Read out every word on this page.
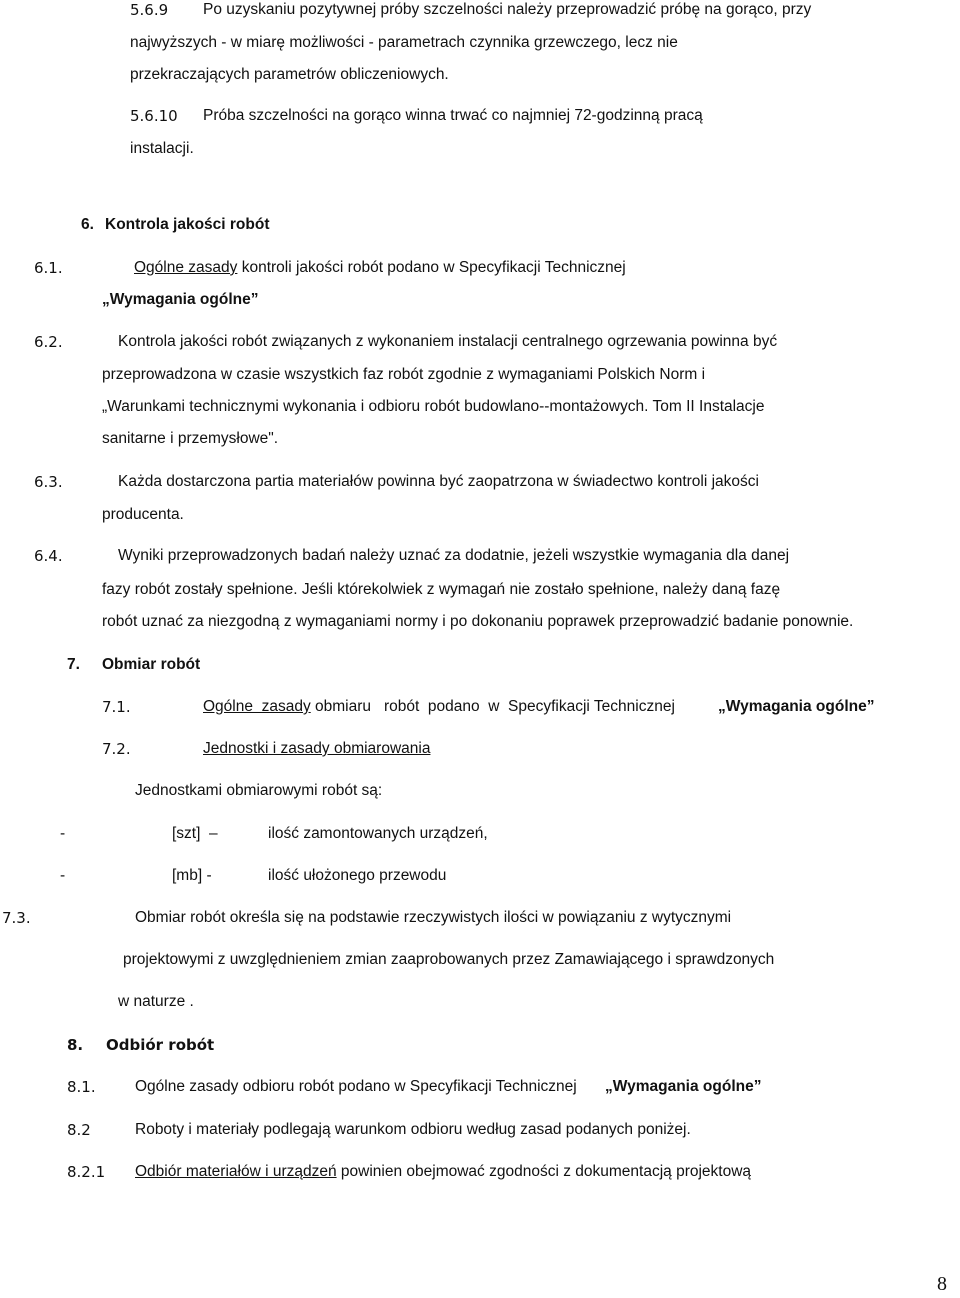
5.6.9 Po uzyskaniu pozytywnej próby szczelności należy przeprowadzić próbę na gorąco, przy
najwyższych - w miarę możliwości - parametrach czynnika grzewczego, lecz nie
przekraczających parametrów obliczeniowych.
5.6.10 Próba szczelności na gorąco winna trwać co najmniej 72-godzinną pracą
instalacji.
6. Kontrola jakości robót
6.1.	Ogólne zasady kontroli jakości robót podano w Specyfikacji Technicznej
„Wymagania ogólne”
6.2.	Kontrola jakości robót związanych z wykonaniem instalacji centralnego ogrzewania powinna być
przeprowadzona w czasie wszystkich faz robót zgodnie z wymaganiami Polskich Norm i
„Warunkami technicznymi wykonania i odbioru robót budowlano--montażowych. Tom II Instalacje
sanitarne i przemysłowe".
6.3.	Każda dostarczona partia materiałów powinna być zaopatrzona w świadectwo kontroli jakości
producenta.
6.4.	Wyniki przeprowadzonych badań należy uznać za dodatnie, jeżeli wszystkie wymagania dla danej
fazy robót zostały spełnione. Jeśli którekolwiek z wymagań nie zostało spełnione, należy daną fazę
robót uznać za niezgodną z wymaganiami normy i po dokonaniu poprawek przeprowadzić badanie ponownie.
7. Obmiar robót
7.1.	Ogólne  zasady obmiaru   robót  podano  w  Specyfikacji Technicznej	„Wymagania ogólne”
7.2.	Jednostki i zasady obmiarowania
Jednostkami obmiarowymi robót są:
-	[szt]  –	ilość zamontowanych urządzeń,
-	[mb] -	ilość ułożonego przewodu
7.3.	Obmiar robót określa się na podstawie rzeczywistych ilości w powiązaniu z wytycznymi
projektowymi z uwzględnieniem zmian zaaprobowanych przez Zamawiającego i sprawdzonych
w naturze .
8. Odbiór robót
8.1.	Ogólne zasady odbioru robót podano w Specyfikacji Technicznej „Wymagania ogólne”
8.2	Roboty i materiały podlegają warunkom odbioru według zasad podanych poniżej.
8.2.1 Odbiór materiałów i urządzeń powinien obejmować zgodności z dokumentacją projektową
8
